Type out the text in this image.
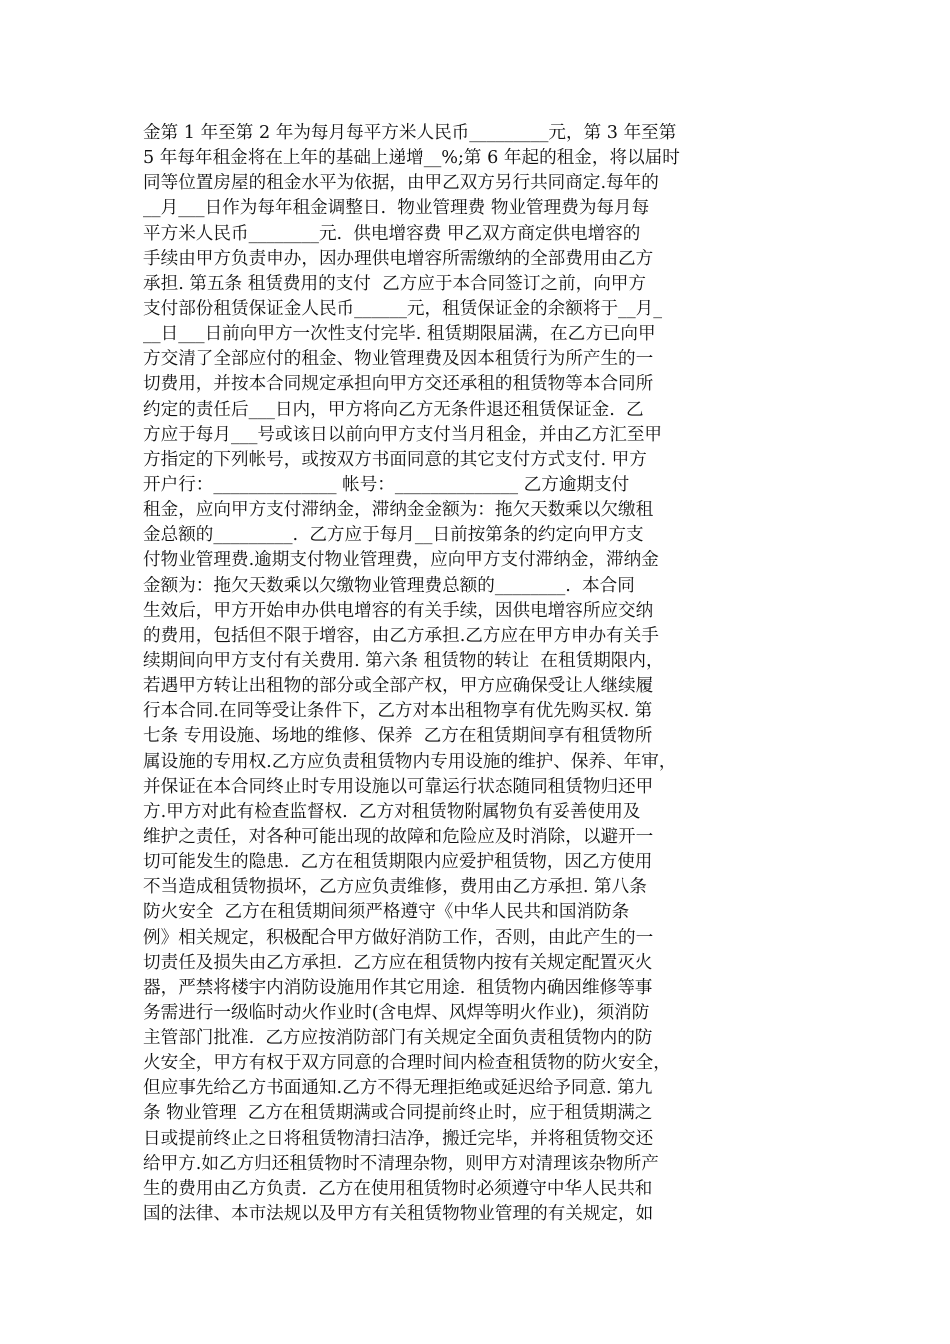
金第 1 年至第 2 年为每月每平方米人民币_________元，第 3 年至第
5 年每年租金将在上年的基础上递增__%;第 6 年起的租金，将以届时
同等位置房屋的租金水平为依据，由甲乙双方另行共同商定.每年的
__月___日作为每年租金调整日.  物业管理费 物业管理费为每月每
平方米人民币________元.  供电增容费 甲乙双方商定供电增容的
手续由甲方负责申办，因办理供电增容所需缴纳的全部费用由乙方
承担. 第五条 租赁费用的支付  乙方应于本合同签订之前，向甲方
支付部份租赁保证金人民币______元，租赁保证金的余额将于__月_
__日___日前向甲方一次性支付完毕. 租赁期限届满，在乙方已向甲
方交清了全部应付的租金、物业管理费及因本租赁行为所产生的一
切费用，并按本合同规定承担向甲方交还承租的租赁物等本合同所
约定的责任后___日内，甲方将向乙方无条件退还租赁保证金.  乙
方应于每月___号或该日以前向甲方支付当月租金，并由乙方汇至甲
方指定的下列帐号，或按双方书面同意的其它支付方式支付. 甲方
开户行：______________ 帐号：______________ 乙方逾期支付
租金，应向甲方支付滞纳金，滞纳金金额为：拖欠天数乘以欠缴租
金总额的_________.  乙方应于每月__日前按第条的约定向甲方支
付物业管理费.逾期支付物业管理费，应向甲方支付滞纳金，滞纳金
金额为：拖欠天数乘以欠缴物业管理费总额的________.  本合同
生效后，甲方开始申办供电增容的有关手续，因供电增容所应交纳
的费用，包括但不限于增容，由乙方承担.乙方应在甲方申办有关手
续期间向甲方支付有关费用. 第六条 租赁物的转让  在租赁期限内，
若遇甲方转让出租物的部分或全部产权，甲方应确保受让人继续履
行本合同.在同等受让条件下，乙方对本出租物享有优先购买权. 第
七条 专用设施、场地的维修、保养  乙方在租赁期间享有租赁物所
属设施的专用权.乙方应负责租赁物内专用设施的维护、保养、年审，
并保证在本合同终止时专用设施以可靠运行状态随同租赁物归还甲
方.甲方对此有检查监督权.  乙方对租赁物附属物负有妥善使用及
维护之责任，对各种可能出现的故障和危险应及时消除，以避开一
切可能发生的隐患.  乙方在租赁期限内应爱护租赁物，因乙方使用
不当造成租赁物损坏，乙方应负责维修，费用由乙方承担. 第八条
防火安全  乙方在租赁期间须严格遵守《中华人民共和国消防条
例》相关规定，积极配合甲方做好消防工作，否则，由此产生的一
切责任及损失由乙方承担.  乙方应在租赁物内按有关规定配置灭火
器，严禁将楼宇内消防设施用作其它用途.  租赁物内确因维修等事
务需进行一级临时动火作业时(含电焊、风焊等明火作业)，须消防
主管部门批准.  乙方应按消防部门有关规定全面负责租赁物内的防
火安全，甲方有权于双方同意的合理时间内检查租赁物的防火安全，
但应事先给乙方书面通知.乙方不得无理拒绝或延迟给予同意. 第九
条 物业管理  乙方在租赁期满或合同提前终止时，应于租赁期满之
日或提前终止之日将租赁物清扫洁净，搬迁完毕，并将租赁物交还
给甲方.如乙方归还租赁物时不清理杂物，则甲方对清理该杂物所产
生的费用由乙方负责.  乙方在使用租赁物时必须遵守中华人民共和
国的法律、本市法规以及甲方有关租赁物物业管理的有关规定，如
